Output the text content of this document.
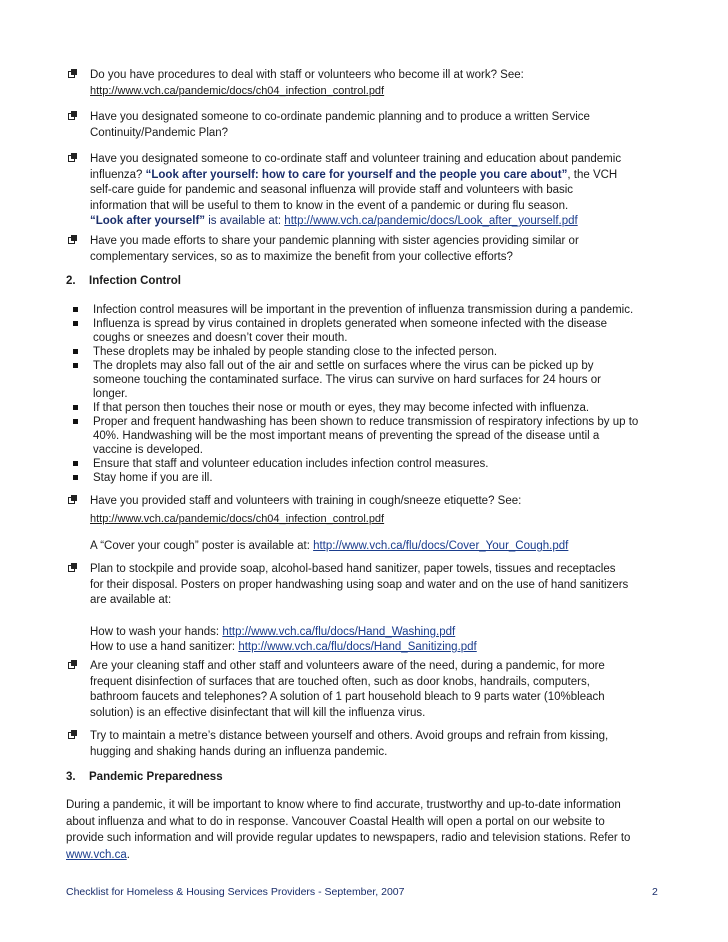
Do you have procedures to deal with staff or volunteers who become ill at work? See:
http://www.vch.ca/pandemic/docs/ch04_infection_control.pdf
Have you designated someone to co-ordinate pandemic planning and to produce a written Service
Continuity/Pandemic Plan?
Have you designated someone to co-ordinate staff and volunteer training and education about pandemic
influenza? “Look after yourself: how to care for yourself and the people you care about”, the VCH
self-care guide for pandemic and seasonal influenza will provide staff and volunteers with basic
information that will be useful to them to know in the event of a pandemic or during flu season.
“Look after yourself” is available at: http://www.vch.ca/pandemic/docs/Look_after_yourself.pdf
Have you made efforts to share your pandemic planning with sister agencies providing similar or
complementary services, so as to maximize the benefit from your collective efforts?
2. Infection Control
Infection control measures will be important in the prevention of influenza transmission during a pandemic.
Influenza is spread by virus contained in droplets generated when someone infected with the disease
coughs or sneezes and doesn’t cover their mouth.
These droplets may be inhaled by people standing close to the infected person.
The droplets may also fall out of the air and settle on surfaces where the virus can be picked up by
someone touching the contaminated surface. The virus can survive on hard surfaces for 24 hours or
longer.
If that person then touches their nose or mouth or eyes, they may become infected with influenza.
Proper and frequent handwashing has been shown to reduce transmission of respiratory infections by up to
40%. Handwashing will be the most important means of preventing the spread of the disease until a
vaccine is developed.
Ensure that staff and volunteer education includes infection control measures.
Stay home if you are ill.
Have you provided staff and volunteers with training in cough/sneeze etiquette? See:
http://www.vch.ca/pandemic/docs/ch04_infection_control.pdf
A “Cover your cough” poster is available at: http://www.vch.ca/flu/docs/Cover_Your_Cough.pdf
Plan to stockpile and provide soap, alcohol-based hand sanitizer, paper towels, tissues and receptacles
for their disposal. Posters on proper handwashing using soap and water and on the use of hand sanitizers
are available at:
How to wash your hands: http://www.vch.ca/flu/docs/Hand_Washing.pdf
How to use a hand sanitizer: http://www.vch.ca/flu/docs/Hand_Sanitizing.pdf
Are your cleaning staff and other staff and volunteers aware of the need, during a pandemic, for more
frequent disinfection of surfaces that are touched often, such as door knobs, handrails, computers,
bathroom faucets and telephones? A solution of 1 part household bleach to 9 parts water (10%bleach
solution) is an effective disinfectant that will kill the influenza virus.
Try to maintain a metre’s distance between yourself and others. Avoid groups and refrain from kissing,
hugging and shaking hands during an influenza pandemic.
3. Pandemic Preparedness
During a pandemic, it will be important to know where to find accurate, trustworthy and up-to-date information
about influenza and what to do in response. Vancouver Coastal Health will open a portal on our website to
provide such information and will provide regular updates to newspapers, radio and television stations. Refer to
www.vch.ca.
Checklist for Homeless & Housing Services Providers - September, 2007	2
